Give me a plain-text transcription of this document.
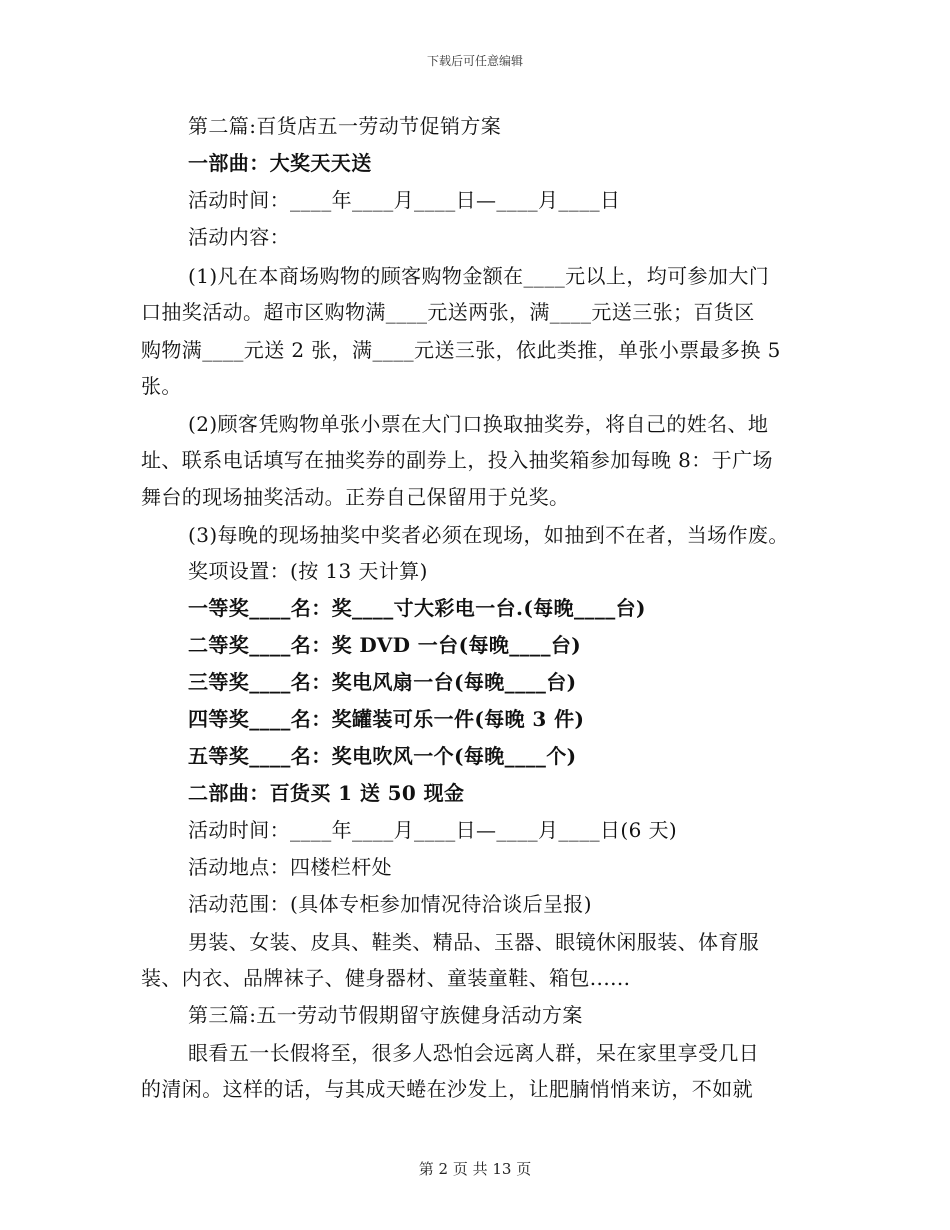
下载后可任意编辑
第二篇:百货店五一劳动节促销方案
一部曲：大奖天天送
活动时间：____年____月____日—____月____日
活动内容：
(1)凡在本商场购物的顾客购物金额在____元以上，均可参加大门
口抽奖活动。超市区购物满____元送两张，满____元送三张；百货区
购物满____元送 2 张，满____元送三张，依此类推，单张小票最多换 5
张。
(2)顾客凭购物单张小票在大门口换取抽奖券，将自己的姓名、地
址、联系电话填写在抽奖券的副券上，投入抽奖箱参加每晚 8：于广场
舞台的现场抽奖活动。正券自己保留用于兑奖。
(3)每晚的现场抽奖中奖者必须在现场，如抽到不在者，当场作废。
奖项设置：(按 13 天计算)
一等奖____名：奖____寸大彩电一台.(每晚____台)
二等奖____名：奖 DVD 一台(每晚____台)
三等奖____名：奖电风扇一台(每晚____台)
四等奖____名：奖罐装可乐一件(每晚 3 件)
五等奖____名：奖电吹风一个(每晚____个)
二部曲：百货买 1 送 50 现金
活动时间：____年____月____日—____月____日(6 天)
活动地点：四楼栏杆处
活动范围：(具体专柜参加情况待洽谈后呈报)
男装、女装、皮具、鞋类、精品、玉器、眼镜休闲服装、体育服
装、内衣、品牌袜子、健身器材、童装童鞋、箱包......
第三篇:五一劳动节假期留守族健身活动方案
眼看五一长假将至，很多人恐怕会远离人群，呆在家里享受几日
的清闲。这样的话，与其成天蜷在沙发上，让肥腩悄悄来访，不如就
第 2 页 共 13 页
